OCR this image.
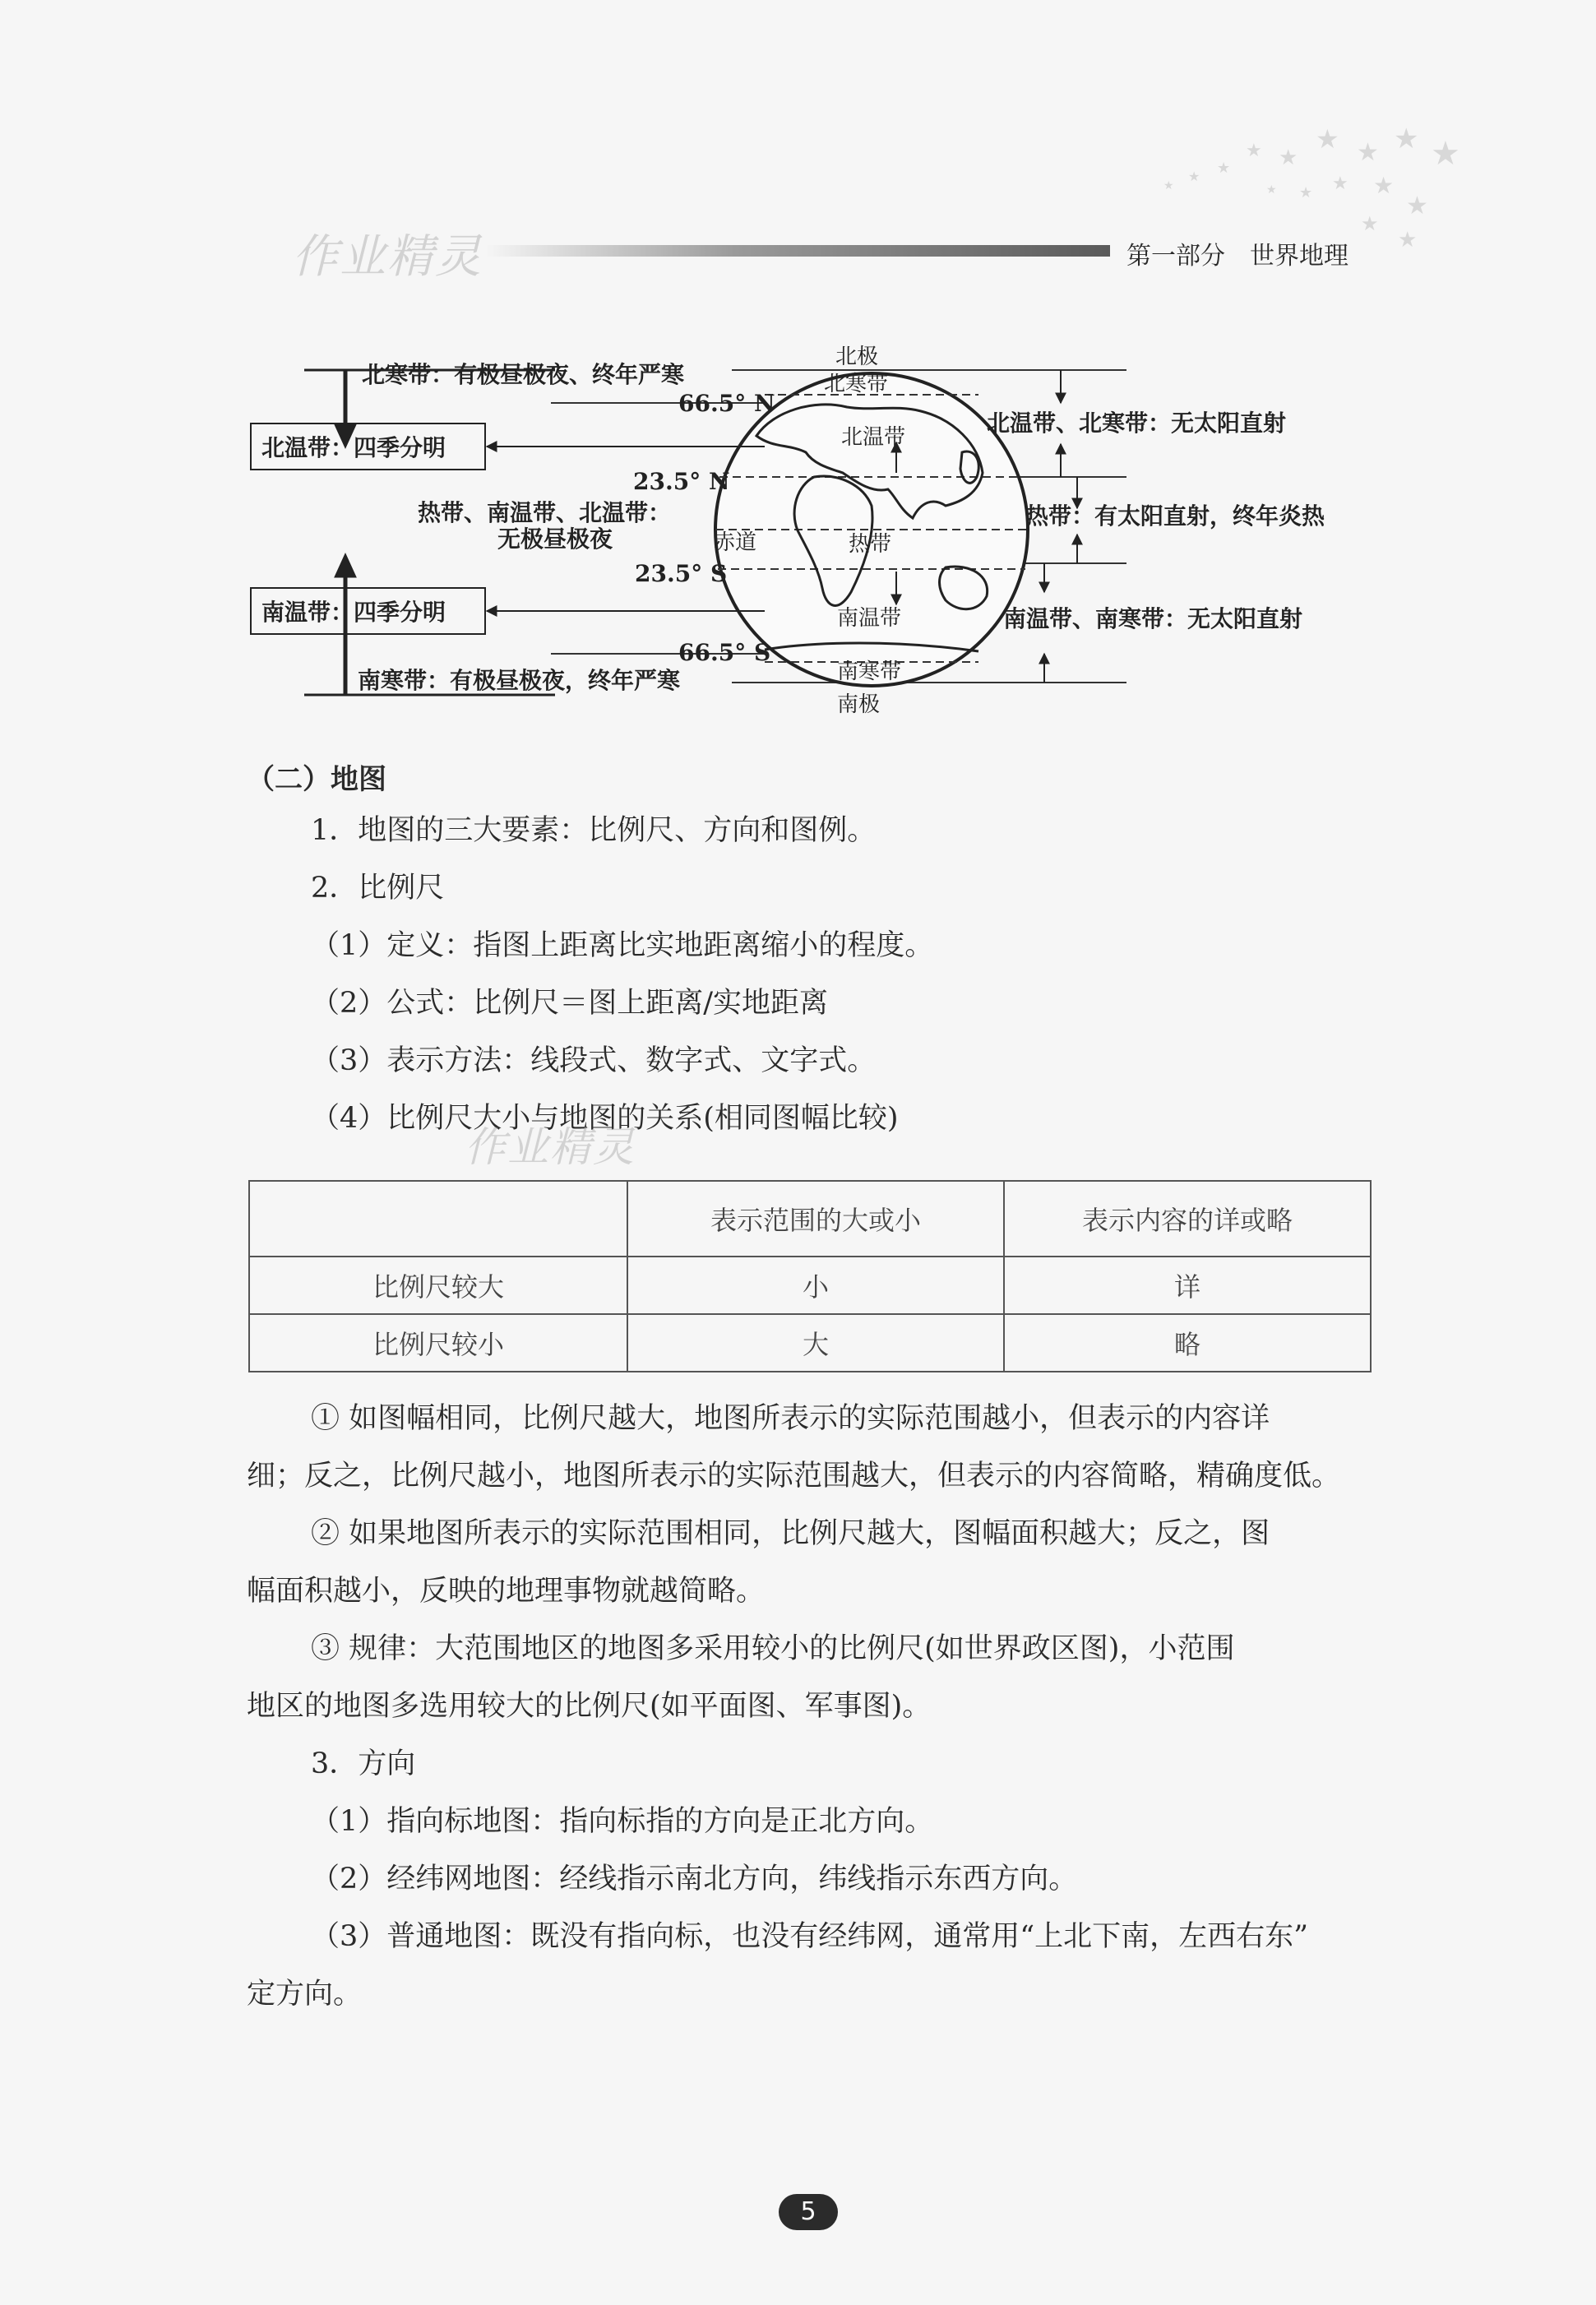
作业精灵	第一部分　世界地理
★
★
★
★
★
★
★
★
★	★
★
★
★
★
★
★
北寒带：有极昼极夜、终年严寒
北温带：四季分明
热带、南温带、北温带：
无极昼极夜
南温带：四季分明
南寒带：有极昼极夜，终年严寒
66.5° N
23.5° N
23.5° S
66.5° S
北温带、北寒带：无太阳直射
热带：有太阳直射，终年炎热
南温带、南寒带：无太阳直射
北极
北寒带
北温带
赤道	热带
南温带
南寒带
南极
（二）地图
1．地图的三大要素：比例尺、方向和图例。
2．比例尺
（1）定义：指图上距离比实地距离缩小的程度。
（2）公式：比例尺＝图上距离/实地距离
（3）表示方法：线段式、数字式、文字式。
（4）比例尺大小与地图的关系(相同图幅比较)
作业精灵
	表示范围的大或小	表示内容的详或略
比例尺较大	小	详
比例尺较小	大	略
① 如图幅相同，比例尺越大，地图所表示的实际范围越小，但表示的内容详
细；反之，比例尺越小，地图所表示的实际范围越大，但表示的内容简略，精确度低。
② 如果地图所表示的实际范围相同，比例尺越大，图幅面积越大；反之，图
幅面积越小，反映的地理事物就越简略。
③ 规律：大范围地区的地图多采用较小的比例尺(如世界政区图)，小范围
地区的地图多选用较大的比例尺(如平面图、军事图)。
3．方向
（1）指向标地图：指向标指的方向是正北方向。
（2）经纬网地图：经线指示南北方向，纬线指示东西方向。
（3）普通地图：既没有指向标，也没有经纬网，通常用“上北下南，左西右东”
定方向。
5
